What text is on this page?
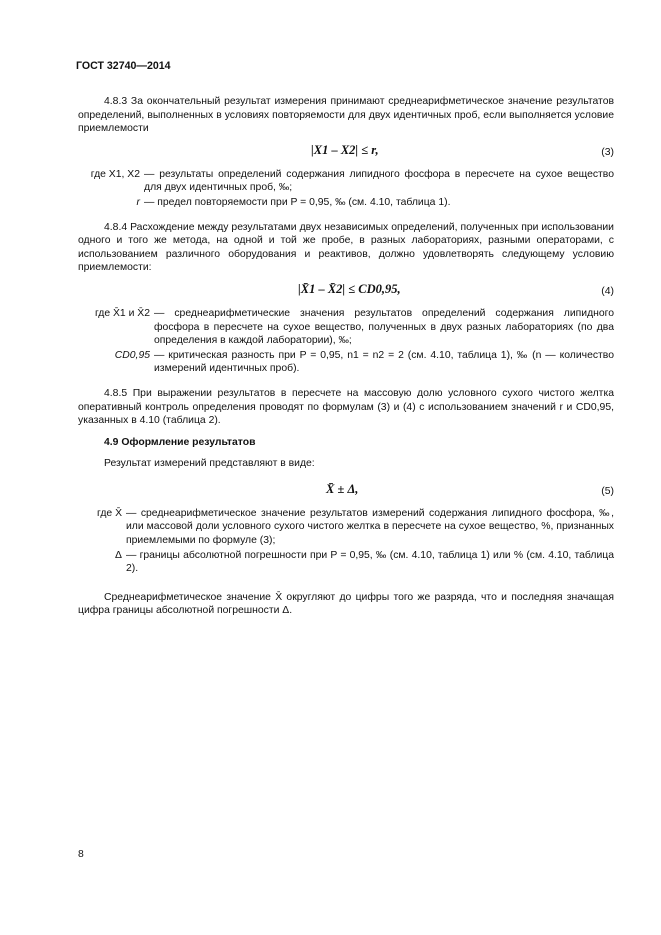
ГОСТ 32740—2014

4.8.3 За окончательный результат измерения принимают среднеарифметическое значение результатов определений, выполненных в условиях повторяемости для двух идентичных проб, если выполняется условие приемлемости

|X1 – X2| ≤ r,	(3)
где X1, X2 — результаты определений содержания липидного фосфора в пересчете на сухое вещество для двух идентичных проб, ‰;
r — предел повторяемости при P = 0,95, ‰ (см. 4.10, таблица 1).

4.8.4 Расхождение между результатами двух независимых определений, полученных при использовании одного и того же метода, на одной и той же пробе, в разных лабораториях, разными операторами, с использованием различного оборудования и реактивов, должно удовлетворять следующему условию приемлемости:

|X̄1 – X̄2| ≤ CD0,95,	(4)
где X̄1 и X̄2 — среднеарифметические значения результатов определений содержания липидного фосфора в пересчете на сухое вещество, полученных в двух разных лабораториях (по два определения в каждой лаборатории), ‰;
CD0,95 — критическая разность при P = 0,95, n1 = n2 = 2 (см. 4.10, таблица 1), ‰ (n — количество измерений идентичных проб).

4.8.5 При выражении результатов в пересчете на массовую долю условного сухого чистого желтка оперативный контроль определения проводят по формулам (3) и (4) с использованием значений r и CD0,95, указанных в 4.10 (таблица 2).

4.9 Оформление результатов

Результат измерений представляют в виде:

X̄ ± Δ,	(5)
где X̄ — среднеарифметическое значение результатов измерений содержания липидного фосфора, ‰, или массовой доли условного сухого чистого желтка в пересчете на сухое вещество, %, признанных приемлемыми по формуле (3);
Δ — границы абсолютной погрешности при P = 0,95, ‰ (см. 4.10, таблица 1) или % (см. 4.10, таблица 2).

Среднеарифметическое значение X̄ округляют до цифры того же разряда, что и последняя значащая цифра границы абсолютной погрешности Δ.

8
